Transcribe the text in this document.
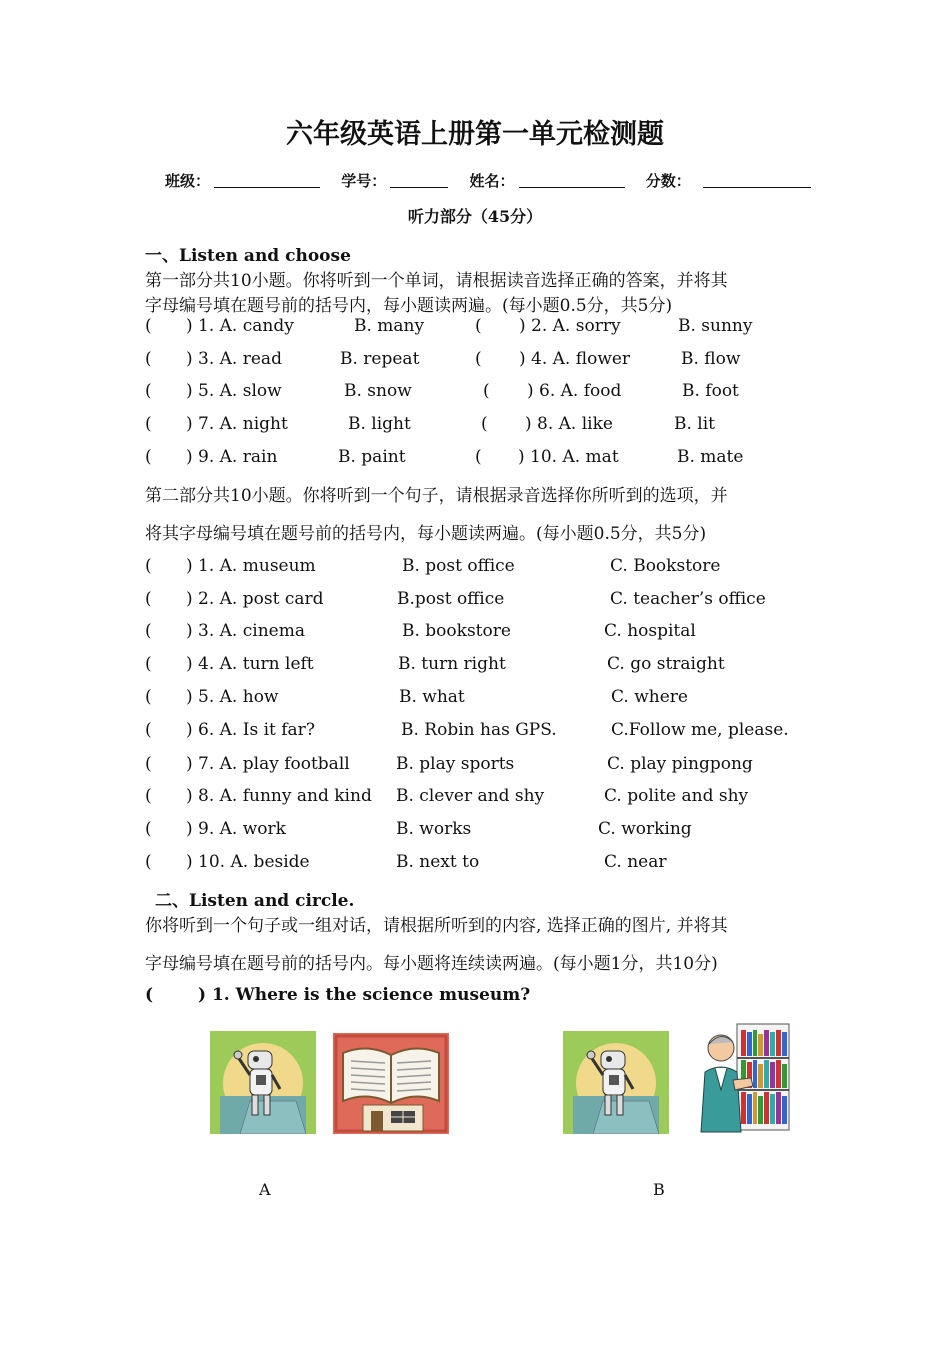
六年级英语上册第一单元检测题
班级：	学号：	姓名：	分数：
听力部分（45分）
一、Listen and choose
第一部分共10小题。你将听到一个单词，请根据读音选择正确的答案，并将其
字母编号填在题号前的括号内，每小题读两遍。(每小题0.5分，共5分)
( ) 1. A. candy	B. many	( ) 2. A. sorry	B. sunny
( ) 3. A. read	B. repeat	( ) 4. A. flower	B. flow
( ) 5. A. slow	B. snow	( ) 6. A. food	B. foot
( ) 7. A. night	B. light	( ) 8. A. like	B. lit
( ) 9. A. rain	B. paint	( ) 10. A. mat	B. mate
第二部分共10小题。你将听到一个句子，请根据录音选择你所听到的选项，并
将其字母编号填在题号前的括号内，每小题读两遍。(每小题0.5分，共5分)
( ) 1. A. museum	B. post office	C. Bookstore
( ) 2. A. post card	B.post office	C. teacher’s office
( ) 3. A. cinema	B. bookstore	C. hospital
( ) 4. A. turn left	B. turn right	C. go straight
( ) 5. A. how	B. what	C. where
( ) 6. A. Is it far?	B. Robin has GPS.	C.Follow me, please.
( ) 7. A. play football	B. play sports	C. play pingpong
( ) 8. A. funny and kind B. clever and shy	C. polite and shy
( ) 9. A. work	B. works	C. working
( ) 10. A. beside	B. next to	C. near
二、Listen and circle.
你将听到一个句子或一组对话，请根据所听到的内容, 选择正确的图片, 并将其
字母编号填在题号前的括号内。每小题将连续读两遍。(每小题1分，共10分)
(	) 1. Where is the science museum?
A	B
